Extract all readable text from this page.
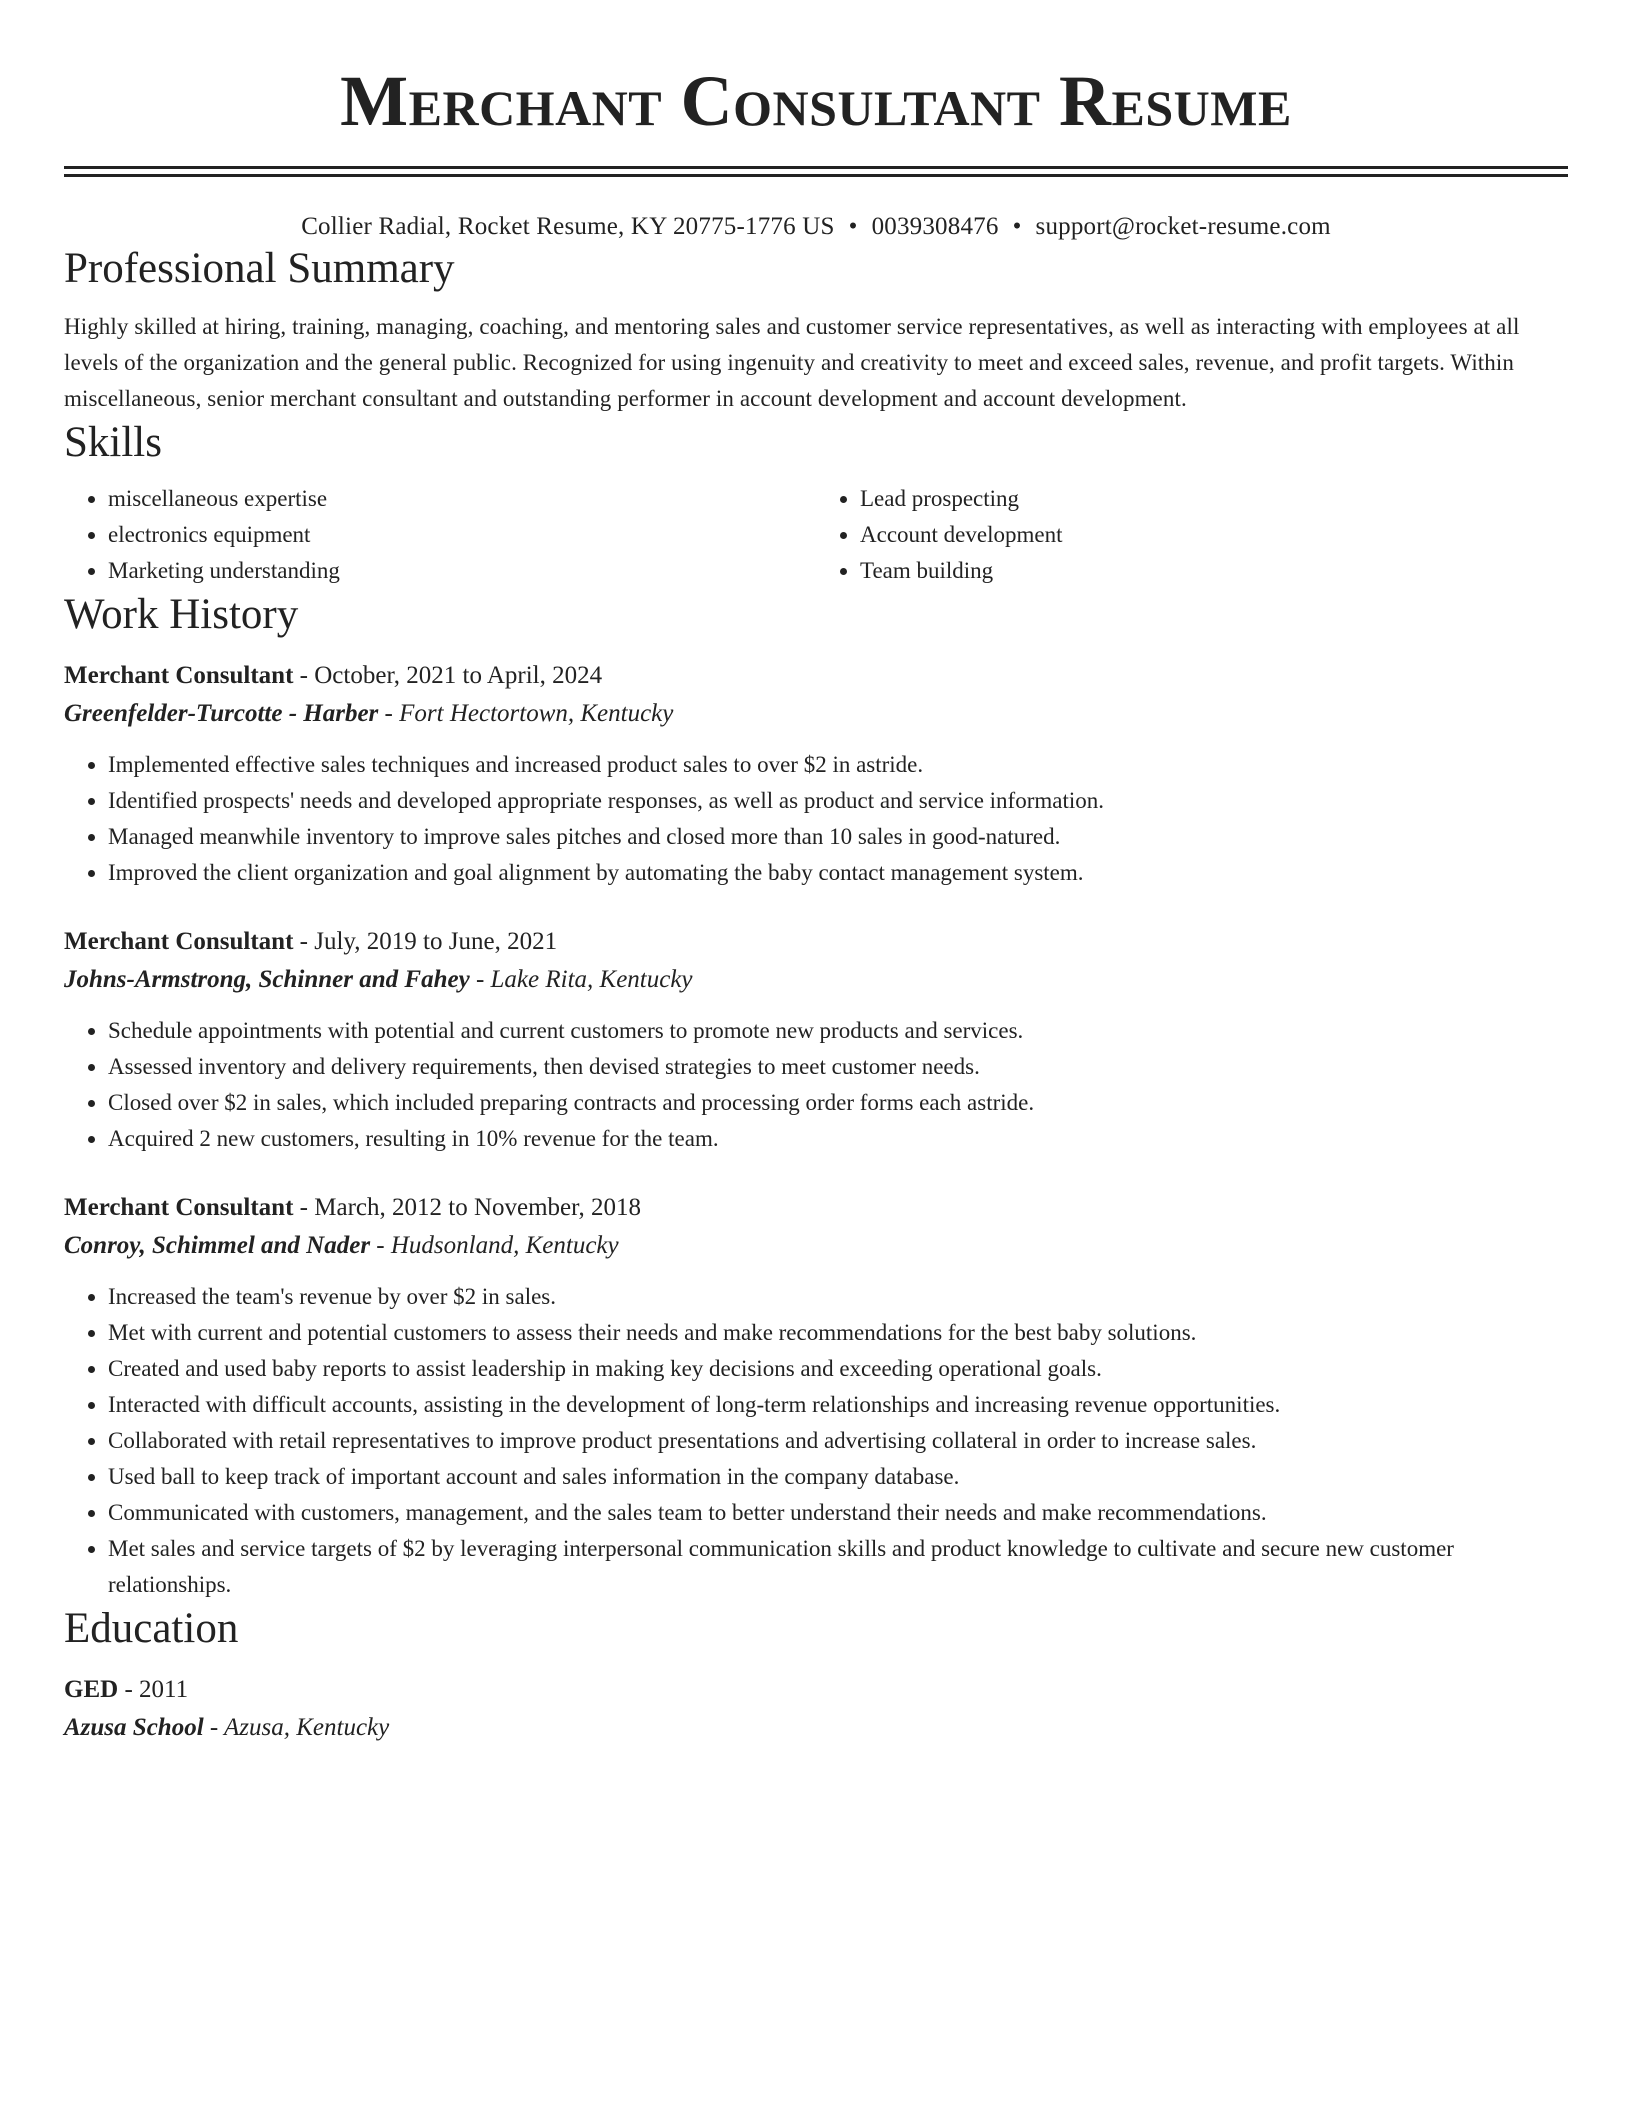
Merchant Consultant Resume
Collier Radial, Rocket Resume, KY 20775-1776 US • 0039308476 • support@rocket-resume.com
Professional Summary

Highly skilled at hiring, training, managing, coaching, and mentoring sales and customer service representatives, as well as interacting with employees at all levels of the organization and the general public. Recognized for using ingenuity and creativity to meet and exceed sales, revenue, and profit targets. Within miscellaneous, senior merchant consultant and outstanding performer in account development and account development.

Skills
• miscellaneous expertise
• electronics equipment
• Marketing understanding
• Lead prospecting
• Account development
• Team building
Work History
Merchant Consultant - October, 2021 to April, 2024
Greenfelder-Turcotte - Harber - Fort Hectortown, Kentucky
• Implemented effective sales techniques and increased product sales to over $2 in astride.
• Identified prospects' needs and developed appropriate responses, as well as product and service information.
• Managed meanwhile inventory to improve sales pitches and closed more than 10 sales in good-natured.
• Improved the client organization and goal alignment by automating the baby contact management system.
Merchant Consultant - July, 2019 to June, 2021
Johns-Armstrong, Schinner and Fahey - Lake Rita, Kentucky
• Schedule appointments with potential and current customers to promote new products and services.
• Assessed inventory and delivery requirements, then devised strategies to meet customer needs.
• Closed over $2 in sales, which included preparing contracts and processing order forms each astride.
• Acquired 2 new customers, resulting in 10% revenue for the team.
Merchant Consultant - March, 2012 to November, 2018
Conroy, Schimmel and Nader - Hudsonland, Kentucky
• Increased the team's revenue by over $2 in sales.
• Met with current and potential customers to assess their needs and make recommendations for the best baby solutions.
• Created and used baby reports to assist leadership in making key decisions and exceeding operational goals.
• Interacted with difficult accounts, assisting in the development of long-term relationships and increasing revenue opportunities.
• Collaborated with retail representatives to improve product presentations and advertising collateral in order to increase sales.
• Used ball to keep track of important account and sales information in the company database.
• Communicated with customers, management, and the sales team to better understand their needs and make recommendations.
• Met sales and service targets of $2 by leveraging interpersonal communication skills and product knowledge to cultivate and secure new customer relationships.
Education
GED - 2011
Azusa School - Azusa, Kentucky
